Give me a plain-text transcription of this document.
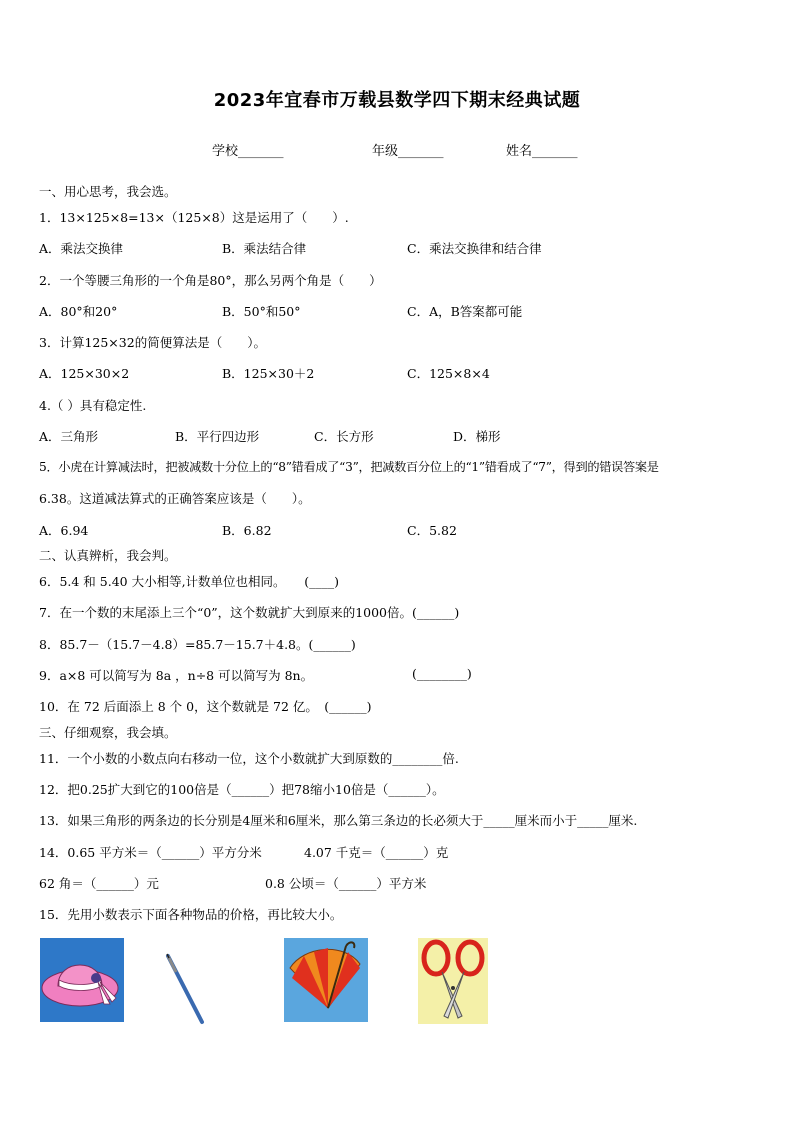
2023年宜春市万载县数学四下期末经典试题
学校_______	年级_______	姓名_______
一、用心思考，我会选。
1．13×125×8=13×（125×8）这是运用了（　　）.
A．乘法交换律	B．乘法结合律	C．乘法交换律和结合律
2．一个等腰三角形的一个角是80°，那么另两个角是（　　）
A．80°和20°	B．50°和50°	C．A，B答案都可能
3．计算125×32的简便算法是（　　）。
A．125×30×2	B．125×30＋2	C．125×8×4
4.（ ）具有稳定性.
A．三角形	B．平行四边形	C．长方形	D．梯形
5．小虎在计算减法时，把被减数十分位上的“8”错看成了“3”，把减数百分位上的“1”错看成了“7”，得到的错误答案是
6.38。这道减法算式的正确答案应该是（　　）。
A．6.94	B．6.82	C．5.82
二、认真辨析，我会判。
6．5.4 和 5.40 大小相等,计数单位也相同。　　(____)
7．在一个数的末尾添上三个“0”，这个数就扩大到原来的1000倍。(______)
8．85.7－（15.7－4.8）=85.7－15.7＋4.8。(______)
9．a×8 可以简写为 8a ，n÷8 可以简写为 8n。	(________)
10．在 72 后面添上 8 个 0，这个数就是 72 亿。　(______)
三、仔细观察，我会填。
11．一个小数的小数点向右移动一位，这个小数就扩大到原数的________倍.
12．把0.25扩大到它的100倍是（______）把78缩小10倍是（______）。
13．如果三角形的两条边的长分别是4厘米和6厘米，那么第三条边的长必须大于_____厘米而小于_____厘米.
14．0.65 平方米＝（______）平方分米	4.07 千克＝（______）克
62 角＝（______）元	0.8 公顷＝（______）平方米
15．先用小数表示下面各种物品的价格，再比较大小。
